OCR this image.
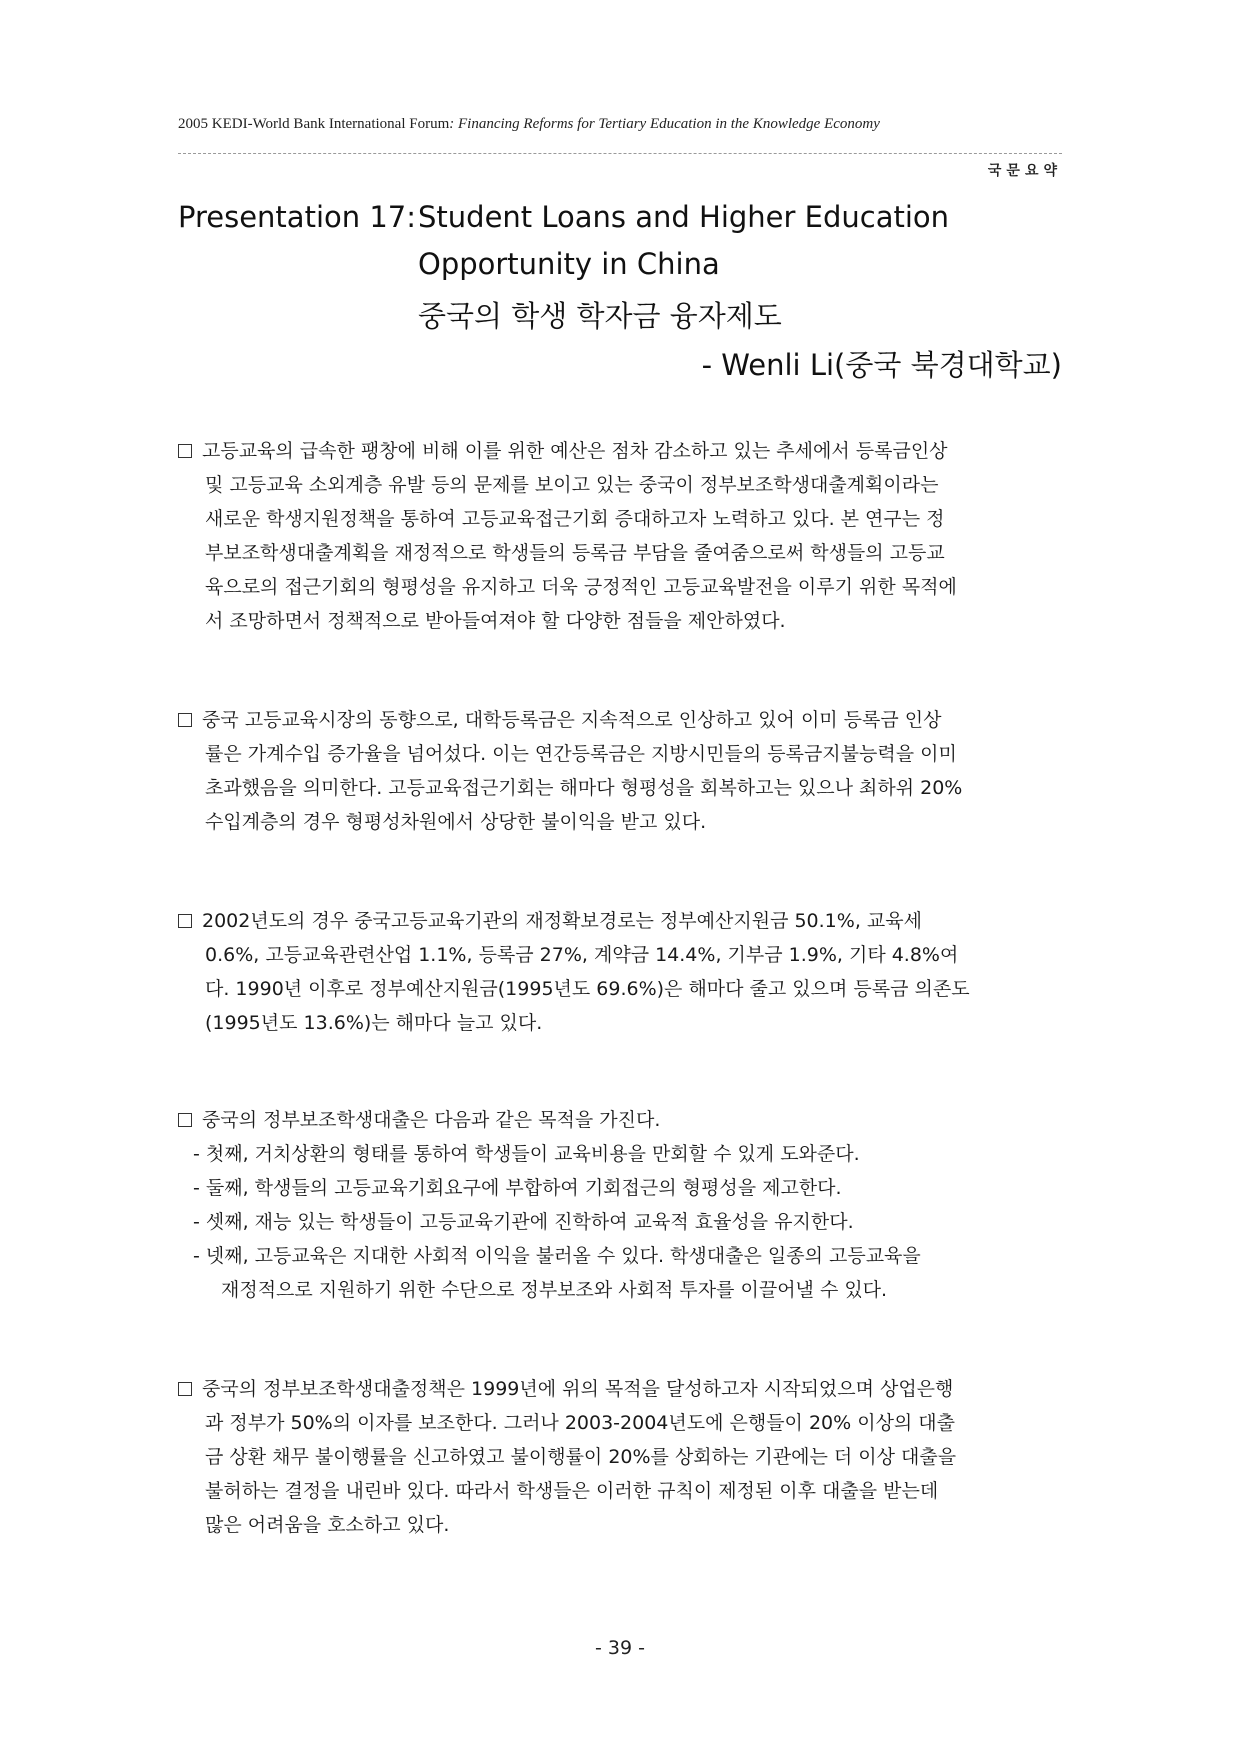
2005 KEDI-World Bank International Forum: Financing Reforms for Tertiary Education in the Knowledge Economy
국문요약
Presentation 17: Student Loans and Higher Education
Opportunity in China
중국의 학생 학자금 융자제도
- Wenli Li(중국 북경대학교)
고등교육의 급속한 팽창에 비해 이를 위한 예산은 점차 감소하고 있는 추세에서 등록금인상
및 고등교육 소외계층 유발 등의 문제를 보이고 있는 중국이 정부보조학생대출계획이라는
새로운 학생지원정책을 통하여 고등교육접근기회 증대하고자 노력하고 있다. 본 연구는 정
부보조학생대출계획을 재정적으로 학생들의 등록금 부담을 줄여줌으로써 학생들의 고등교
육으로의 접근기회의 형평성을 유지하고 더욱 긍정적인 고등교육발전을 이루기 위한 목적에
서 조망하면서 정책적으로 받아들여져야 할 다양한 점들을 제안하였다.
중국 고등교육시장의 동향으로, 대학등록금은 지속적으로 인상하고 있어 이미 등록금 인상
률은 가계수입 증가율을 넘어섰다. 이는 연간등록금은 지방시민들의 등록금지불능력을 이미
초과했음을 의미한다. 고등교육접근기회는 해마다 형평성을 회복하고는 있으나 최하위 20%
수입계층의 경우 형평성차원에서 상당한 불이익을 받고 있다.
2002년도의 경우 중국고등교육기관의 재정확보경로는 정부예산지원금 50.1%, 교육세
0.6%, 고등교육관련산업 1.1%, 등록금 27%, 계약금 14.4%, 기부금 1.9%, 기타 4.8%여
다. 1990년 이후로 정부예산지원금(1995년도 69.6%)은 해마다 줄고 있으며 등록금 의존도
(1995년도 13.6%)는 해마다 늘고 있다.
중국의 정부보조학생대출은 다음과 같은 목적을 가진다.
- 첫째, 거치상환의 형태를 통하여 학생들이 교육비용을 만회할 수 있게 도와준다.
- 둘째, 학생들의 고등교육기회요구에 부합하여 기회접근의 형평성을 제고한다.
- 셋째, 재능 있는 학생들이 고등교육기관에 진학하여 교육적 효율성을 유지한다.
- 넷째, 고등교육은 지대한 사회적 이익을 불러올 수 있다. 학생대출은 일종의 고등교육을
재정적으로 지원하기 위한 수단으로 정부보조와 사회적 투자를 이끌어낼 수 있다.
중국의 정부보조학생대출정책은 1999년에 위의 목적을 달성하고자 시작되었으며 상업은행
과 정부가 50%의 이자를 보조한다. 그러나 2003-2004년도에 은행들이 20% 이상의 대출
금 상환 채무 불이행률을 신고하였고 불이행률이 20%를 상회하는 기관에는 더 이상 대출을
불허하는 결정을 내린바 있다. 따라서 학생들은 이러한 규칙이 제정된 이후 대출을 받는데
많은 어려움을 호소하고 있다.
- 39 -
